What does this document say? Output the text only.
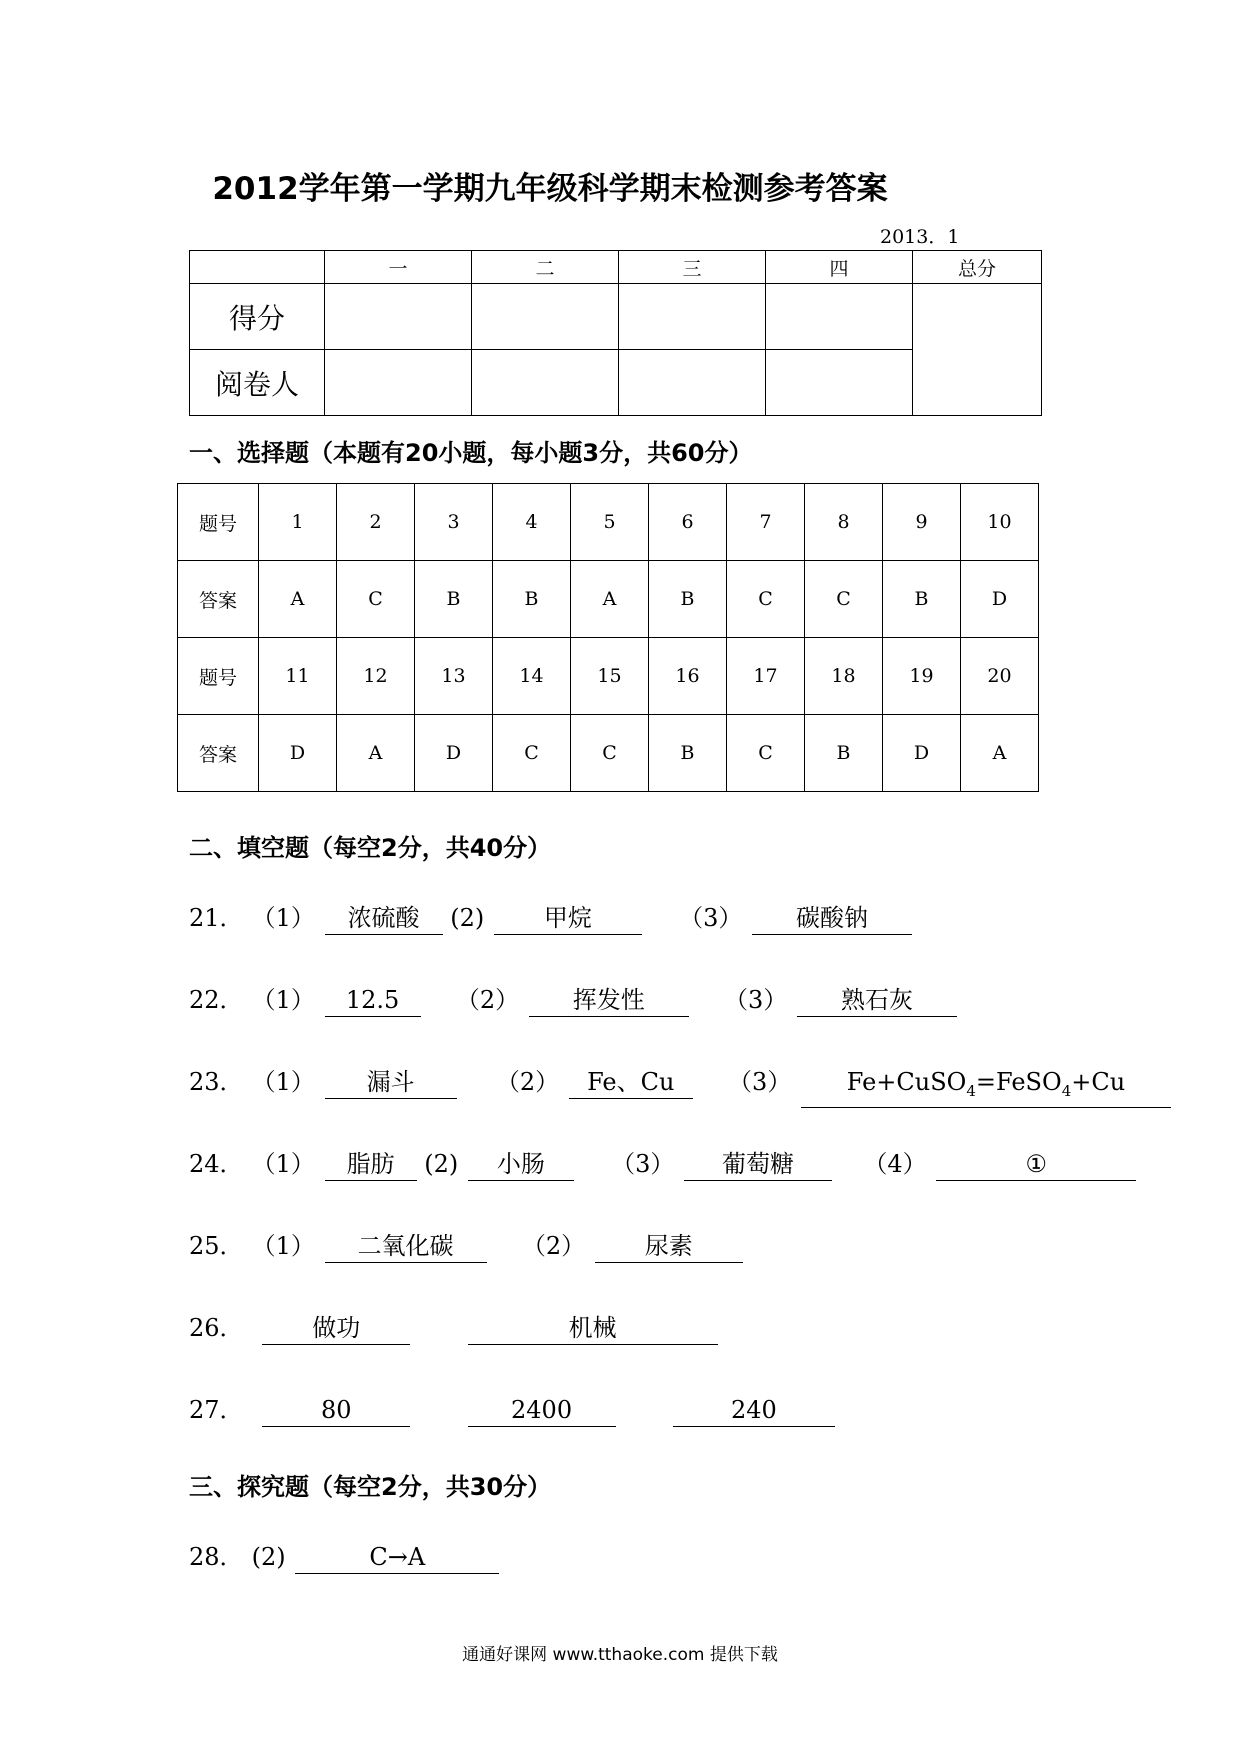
2012学年第一学期九年级科学期末检测参考答案
2013．1
	一	二	三	四	总分
得分					
阅卷人					
一、选择题（本题有20小题，每小题3分，共60分）
题号	1	2	3	4	5	6	7	8	9	10
答案	A	C	B	B	A	B	C	C	B	D
题号	11	12	13	14	15	16	17	18	19	20
答案	D	A	D	C	C	B	C	B	D	A
二、填空题（每空2分，共40分）
21． （1） 浓硫酸 (2) 甲烷	（3） 碳酸钠
22． （1） 12.5 （2） 挥发性	（3） 熟石灰
23． （1） 漏斗	（2） Fe、Cu （3） Fe+CuSO$_4$=FeSO$_4$+Cu
24． （1） 脂肪 (2) 小肠	（3） 葡萄糖	（4）	①
25． （1） 二氧化碳	（2） 尿素
26．	做功	机械
27．	80	2400	240
三、探究题（每空2分，共30分）
28． (2)	C→A
通通好课网 www.tthaoke.com 提供下载
